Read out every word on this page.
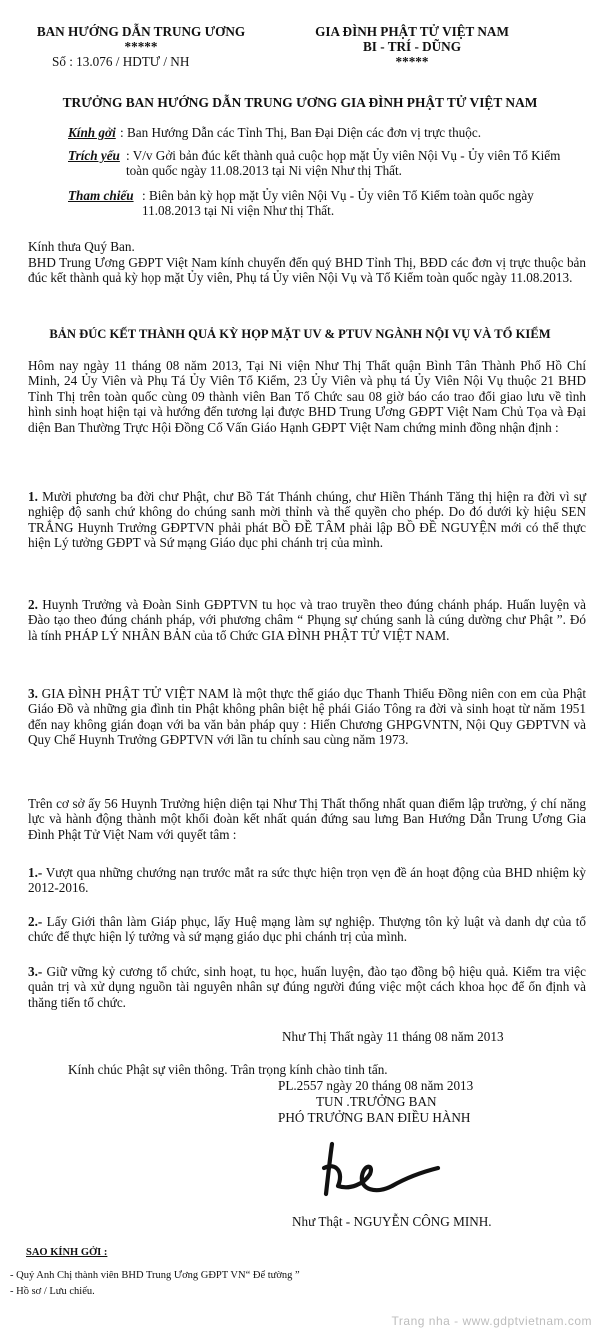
BAN HƯỚNG DẪN TRUNG ƯƠNG
*****
Số : 13.076 / HDTƯ / NH
GIA ĐÌNH PHẬT TỬ VIỆT NAM
BI - TRÍ - DŨNG
*****
TRƯỞNG BAN HƯỚNG DẪN TRUNG ƯƠNG GIA ĐÌNH PHẬT TỬ VIỆT NAM
Kính gởi : Ban Hướng Dẫn các Tỉnh Thị, Ban Đại Diện các đơn vị trực thuộc.
Trích yếu : V/v Gởi bản đúc kết thành quả cuộc họp mặt Ủy viên Nội Vụ - Ủy viên Tổ Kiểm toàn quốc ngày 11.08.2013 tại Ni viện Như thị Thất.
Tham chiếu : Biên bản kỳ họp mặt Ủy viên Nội Vụ - Ủy viên Tổ Kiểm toàn quốc ngày 11.08.2013 tại Ni viện Như thị Thất.
Kính thưa Quý Ban.
BHD Trung Ương GĐPT Việt Nam kính chuyển đến quý BHD Tỉnh Thị, BĐD các đơn vị trực thuộc bản đúc kết thành quả kỳ họp mặt Ủy viên, Phụ tá Ủy viên Nội Vụ và Tổ Kiểm toàn quốc ngày 11.08.2013.
BẢN ĐÚC KẾT THÀNH QUẢ KỲ HỌP MẶT UV & PTUV NGÀNH NỘI VỤ VÀ TỔ KIỂM
Hôm nay ngày 11 tháng 08 năm 2013, Tại Ni viện Như Thị Thất quận Bình Tân Thành Phố Hồ Chí Minh, 24 Ủy Viên và Phụ Tá Ủy Viên Tổ Kiểm, 23 Ủy Viên và phụ tá Ủy Viên Nội Vụ thuộc 21 BHD Tỉnh Thị trên toàn quốc cùng 09 thành viên Ban Tổ Chức sau 08 giờ báo cáo trao đổi giao lưu về tình hình sinh hoạt hiện tại và hướng đến tương lại được BHD Trung Ương GĐPT Việt Nam Chủ Tọa và Đại diện Ban Thường Trực Hội Đồng Cố Vấn Giáo Hạnh GĐPT Việt Nam chứng minh đồng nhận định :
1. Mười phương ba đời chư Phật, chư Bồ Tát Thánh chúng, chư Hiền Thánh Tăng thị hiện ra đời vì sự nghiệp độ sanh chứ không do chúng sanh mời thỉnh và thế quyền cho phép. Do đó dưới kỳ hiệu SEN TRẮNG Huynh Trưởng GĐPTVN phải phát BỒ ĐỀ TÂM phải lập BỒ ĐỀ NGUYỆN mới có thể thực hiện Lý tưởng GĐPT và Sứ mạng Giáo dục phi chánh trị của mình.
2. Huynh Trưởng và Đoàn Sinh GĐPTVN tu học và trao truyền theo đúng chánh pháp. Huấn luyện và Đào tạo theo đúng chánh pháp, với phương châm “ Phụng sự chúng sanh là cúng dường chư Phật ”. Đó là tính PHÁP LÝ NHÂN BẢN của tổ Chức GIA ĐÌNH PHẬT TỬ VIỆT NAM.
3. GIA ĐÌNH PHẬT TỬ VIỆT NAM là một thực thể giáo dục Thanh Thiếu Đồng niên con em của Phật Giáo Đồ và những gia đình tin Phật không phân biệt hệ phái Giáo Tông ra đời và sinh hoạt từ năm 1951 đến nay không gián đoạn với ba văn bản pháp quy : Hiến Chương GHPGVNTN, Nội Quy GĐPTVN và Quy Chế Huynh Trưởng GĐPTVN với lần tu chính sau cùng năm 1973.
Trên cơ sở ấy 56 Huynh Trưởng hiện diện tại Như Thị Thất thống nhất quan điểm lập trường, ý chí năng lực và hành động thành một khối đoàn kết nhất quán đứng sau lưng Ban Hướng Dẫn Trung Ương Gia Đình Phật Tử Việt Nam với quyết tâm :
1.- Vượt qua những chướng nạn trước mắt ra sức thực hiện trọn vẹn đề án hoạt động của BHD nhiệm kỳ 2012-2016.
2.- Lấy Giới thân làm Giáp phục, lấy Huệ mạng làm sự nghiệp. Thượng tôn kỷ luật và danh dự của tổ chức để thực hiện lý tưởng và sứ mạng giáo dục phi chánh trị của mình.
3.- Giữ vững kỷ cương tổ chức, sinh hoạt, tu học, huấn luyện, đào tạo đồng bộ hiệu quả. Kiểm tra việc quản trị và xử dụng nguồn tài nguyên nhân sự đúng người đúng việc một cách khoa học để ổn định và thăng tiến tổ chức.
Như Thị Thất ngày 11 tháng 08 năm 2013
Kính chúc Phật sự viên thông. Trân trọng kính chào tinh tấn.
PL.2557 ngày 20 tháng 08 năm 2013
TUN .TRƯỞNG BAN
PHÓ TRƯỞNG BAN ĐIỀU HÀNH
Như Thật - NGUYỄN CÔNG MINH.
SAO KÍNH GỞI :
- Quý Anh Chị thành viên BHD Trung Ương GĐPT VN“ Để tường ”
- Hồ sơ / Lưu chiếu.
Trang nha - www.gdptvietnam.com
